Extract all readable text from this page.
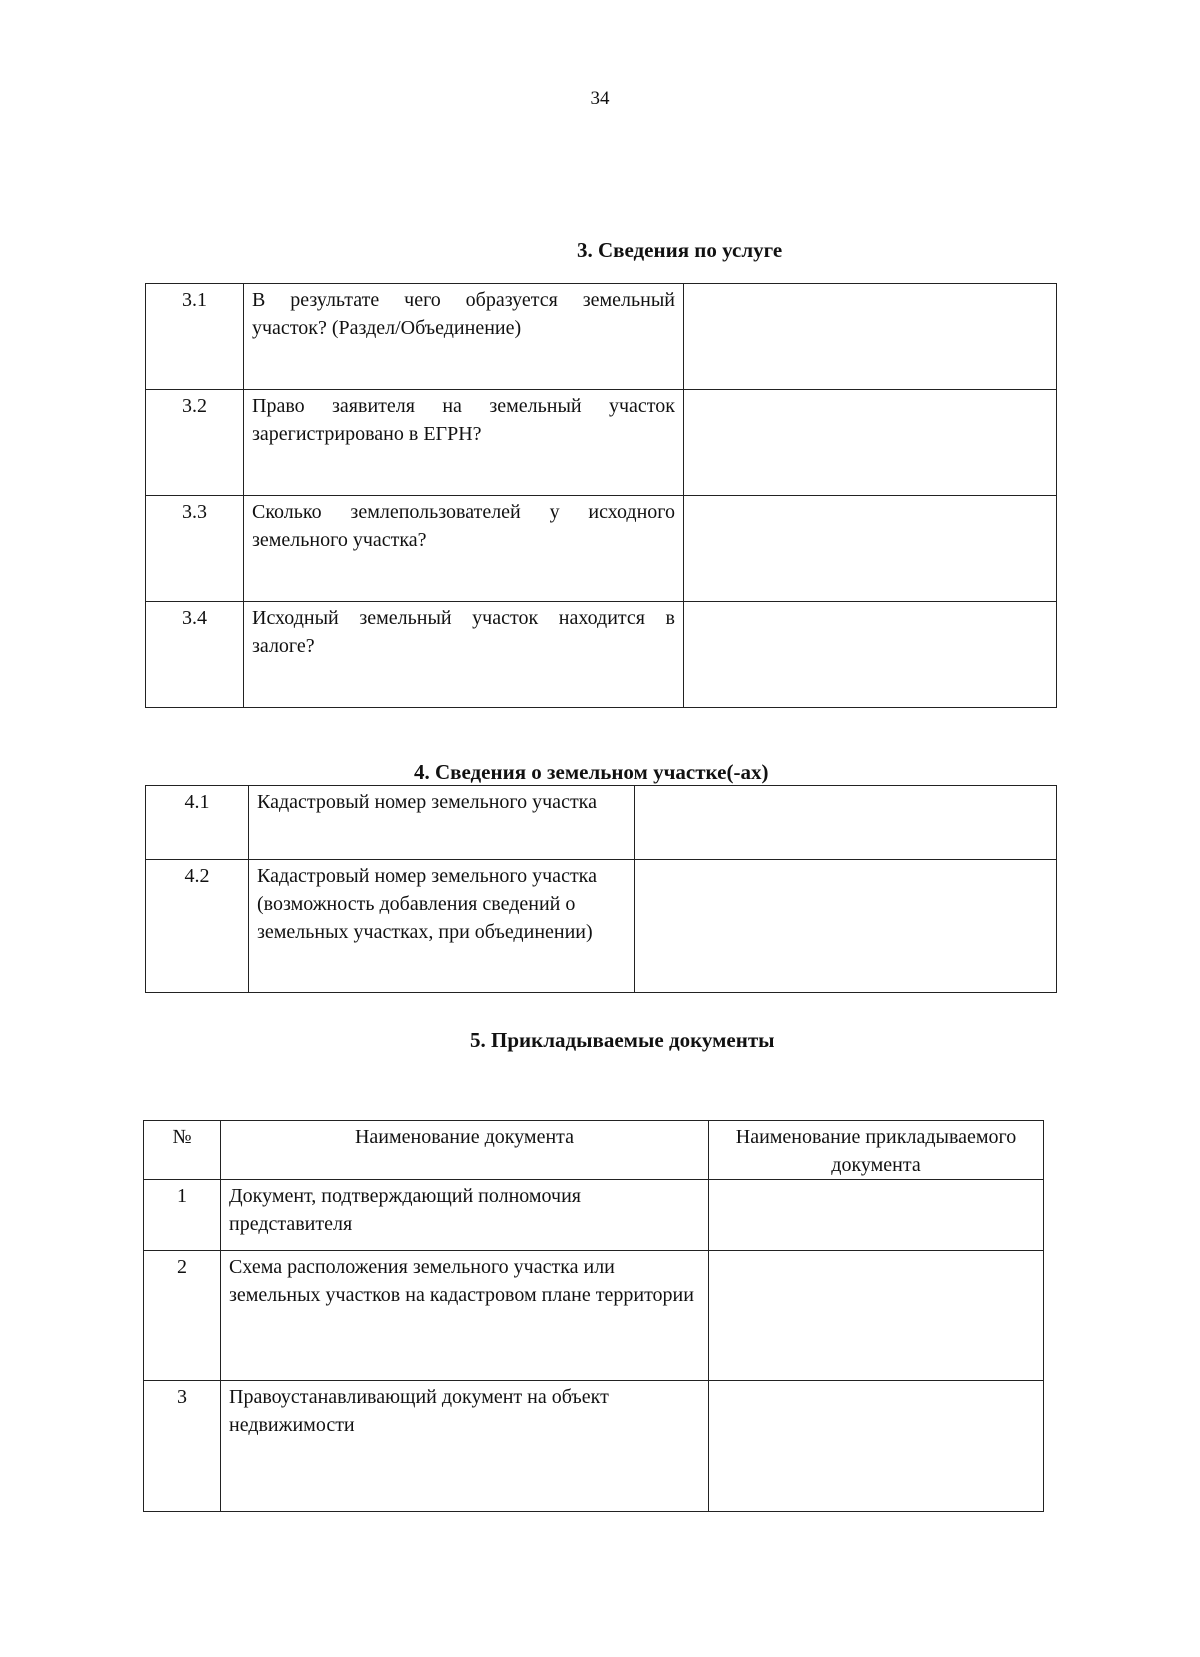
34
3. Сведения по услуге
3.1	В результате чего образуется земельный участок? (Раздел/Объединение)	
3.2	Право заявителя на земельный участок зарегистрировано в ЕГРН?	
3.3	Сколько землепользователей у исходного земельного участка?	
3.4	Исходный земельный участок находится в залоге?	
4. Сведения о земельном участке(-ах)
4.1	Кадастровый номер земельного участка	
4.2	Кадастровый номер земельного участка (возможность добавления сведений о земельных участках, при объединении)	
5. Прикладываемые документы
№	Наименование документа	Наименование прикладываемого документа
1	Документ, подтверждающий полномочия представителя	
2	Схема расположения земельного участка или земельных участков на кадастровом плане территории	
3	Правоустанавливающий документ на объект недвижимости	
